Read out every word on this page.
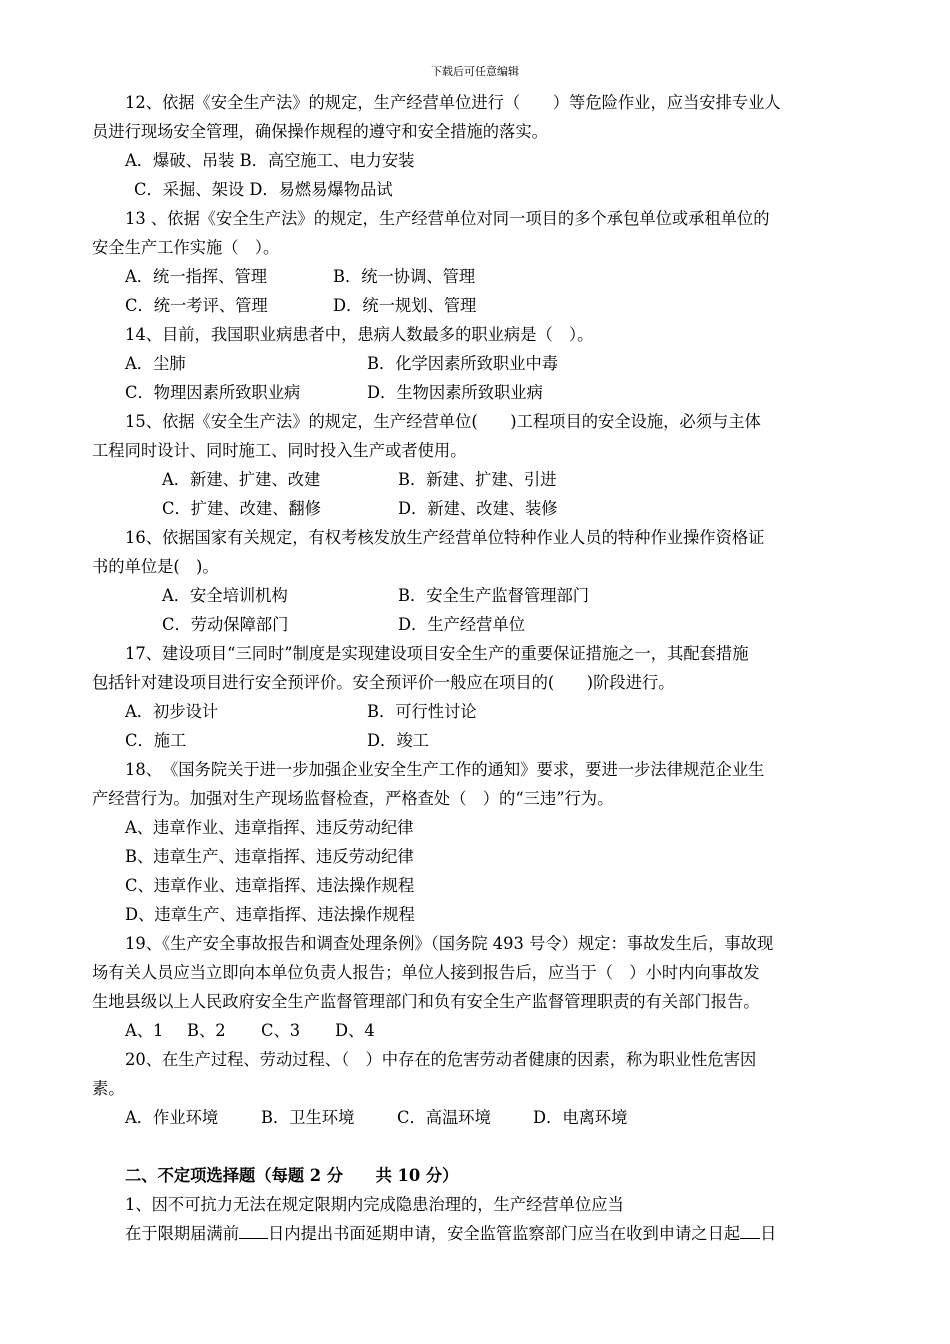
下载后可任意编辑
12、依据《安全生产法》的规定，生产经营单位进行（　　）等危险作业，应当安排专业人
员进行现场安全管理，确保操作规程的遵守和安全措施的落实。
A．爆破、吊装 B．高空施工、电力安装
C．采掘、架设 D．易燃易爆物品试
13 、依据《安全生产法》的规定，生产经营单位对同一项目的多个承包单位或承租单位的
安全生产工作实施（　）。
A．统一指挥、管理	B．统一协调、管理
C．统一考评、管理	D．统一规划、管理
14、目前，我国职业病患者中，患病人数最多的职业病是（　）。
A．尘肺	B．化学因素所致职业中毒
C．物理因素所致职业病	D．生物因素所致职业病
15、依据《安全生产法》的规定，生产经营单位(　　)工程项目的安全设施，必须与主体
工程同时设计、同时施工、同时投入生产或者使用。
A．新建、扩建、改建	B．新建、扩建、引进
C．扩建、改建、翻修	D．新建、改建、装修
16、依据国家有关规定，有权考核发放生产经营单位特种作业人员的特种作业操作资格证
书的单位是(　)。
A．安全培训机构	B．安全生产监督管理部门
C．劳动保障部门	D．生产经营单位
17、建设项目“三同时”制度是实现建设项目安全生产的重要保证措施之一，其配套措施
包括针对建设项目进行安全预评价。安全预评价一般应在项目的(　　)阶段进行。
A．初步设计	B．可行性讨论
C．施工	D．竣工
18、　《国务院关于进一步加强企业安全生产工作的通知》要求，要进一步法律规范企业生
产经营行为。加强对生产现场监督检查，严格查处（　）的“三违”行为。
A、违章作业、违章指挥、违反劳动纪律
B、违章生产、违章指挥、违反劳动纪律
C、违章作业、违章指挥、违法操作规程
D、违章生产、违章指挥、违法操作规程
19、《生产安全事故报告和调查处理条例》（国务院 493 号令）规定：事故发生后，事故现
场有关人员应当立即向本单位负责人报告；单位人接到报告后，应当于（　）小时内向事故发
生地县级以上人民政府安全生产监督管理部门和负有安全生产监督管理职责的有关部门报告。
A、1 B、2 C、3 D、4
20、在生产过程、劳动过程、（　）中存在的危害劳动者健康的因素，称为职业性危害因
素。
A．作业环境	B．卫生环境	C．高温环境	D．电离环境
二、不定项选择题（每题 2 分　　共 10 分）
1、因不可抗力无法在规定限期内完成隐患治理的，生产经营单位应当
在于限期届满前 日内提出书面延期申请，安全监管监察部门应当在收到申请之日起 日
